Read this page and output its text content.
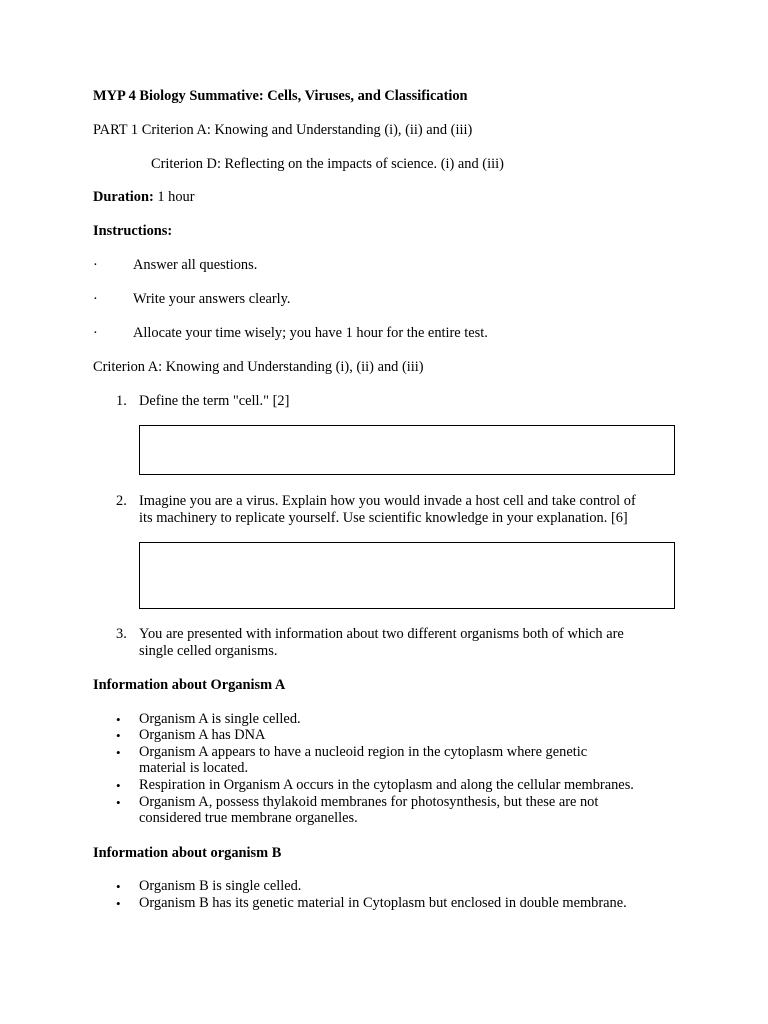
MYP 4 Biology Summative: Cells, Viruses, and Classification
PART 1 Criterion A: Knowing and Understanding (i), (ii) and (iii)
Criterion D: Reflecting on the impacts of science. (i) and (iii)
Duration: 1 hour
Instructions:
· Answer all questions.
· Write your answers clearly.
· Allocate your time wisely; you have 1 hour for the entire test.
Criterion A: Knowing and Understanding (i), (ii) and (iii)
1. Define the term "cell." [2]
2. Imagine you are a virus. Explain how you would invade a host cell and take control of
its machinery to replicate yourself. Use scientific knowledge in your explanation. [6]
3. You are presented with information about two different organisms both of which are
single celled organisms.
Information about Organism A
• Organism A is single celled.
• Organism A has DNA
• Organism A appears to have a nucleoid region in the cytoplasm where genetic
material is located.
• Respiration in Organism A occurs in the cytoplasm and along the cellular membranes.
• Organism A, possess thylakoid membranes for photosynthesis, but these are not
considered true membrane organelles.
Information about organism B
• Organism B is single celled.
• Organism B has its genetic material in Cytoplasm but enclosed in double membrane.
